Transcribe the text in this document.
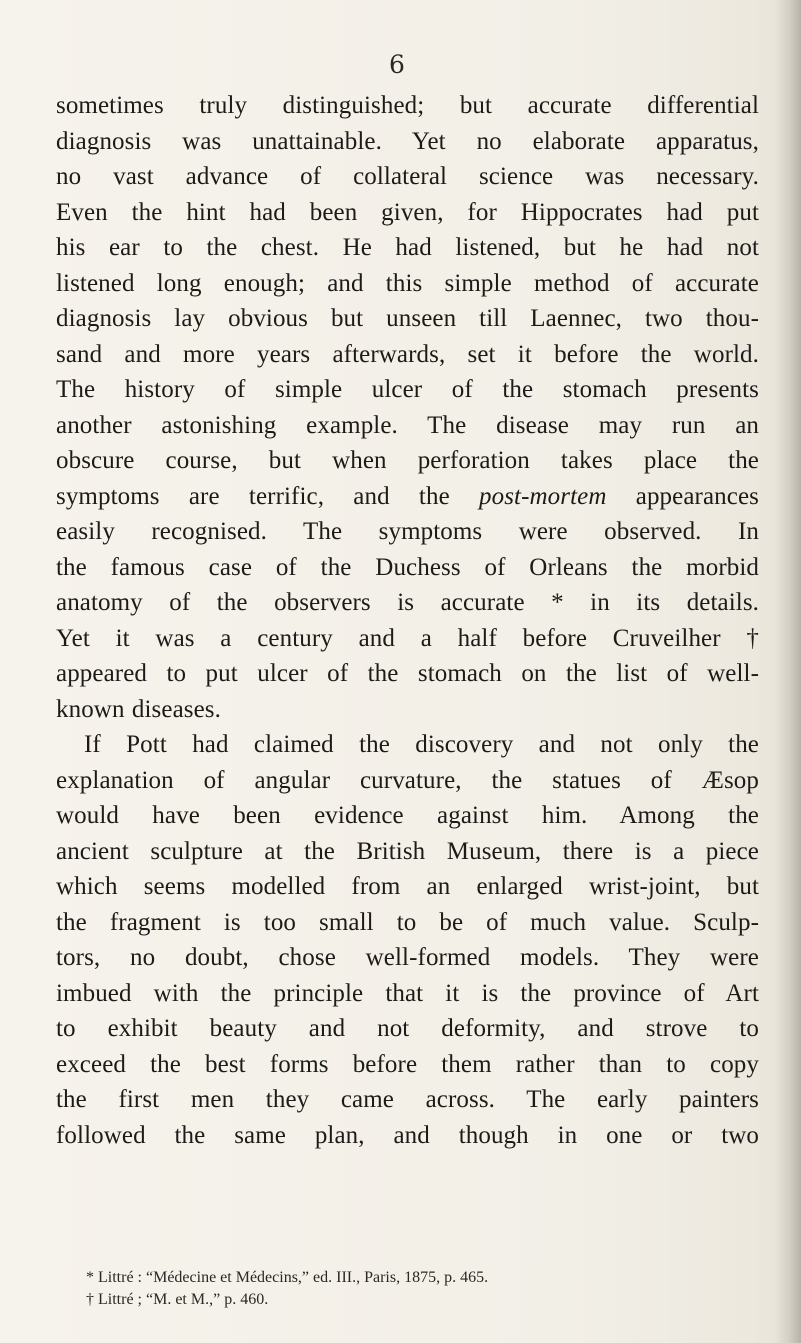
6
sometimes truly distinguished; but accurate differential
diagnosis was unattainable. Yet no elaborate apparatus,
no vast advance of collateral science was necessary.
Even the hint had been given, for Hippocrates had put
his ear to the chest. He had listened, but he had not
listened long enough; and this simple method of accurate
diagnosis lay obvious but unseen till Laennec, two thou-
sand and more years afterwards, set it before the world.
The history of simple ulcer of the stomach presents
another astonishing example. The disease may run an
obscure course, but when perforation takes place the
symptoms are terrific, and the post-mortem appearances
easily recognised. The symptoms were observed. In
the famous case of the Duchess of Orleans the morbid
anatomy of the observers is accurate * in its details.
Yet it was a century and a half before Cruveilher †
appeared to put ulcer of the stomach on the list of well-
known diseases.
If Pott had claimed the discovery and not only the
explanation of angular curvature, the statues of Æsop
would have been evidence against him. Among the
ancient sculpture at the British Museum, there is a piece
which seems modelled from an enlarged wrist-joint, but
the fragment is too small to be of much value. Sculp-
tors, no doubt, chose well-formed models. They were
imbued with the principle that it is the province of Art
to exhibit beauty and not deformity, and strove to
exceed the best forms before them rather than to copy
the first men they came across. The early painters
followed the same plan, and though in one or two
* Littré : “Médecine et Médecins,” ed. III., Paris, 1875, p. 465.
† Littré ; “M. et M.,” p. 460.
